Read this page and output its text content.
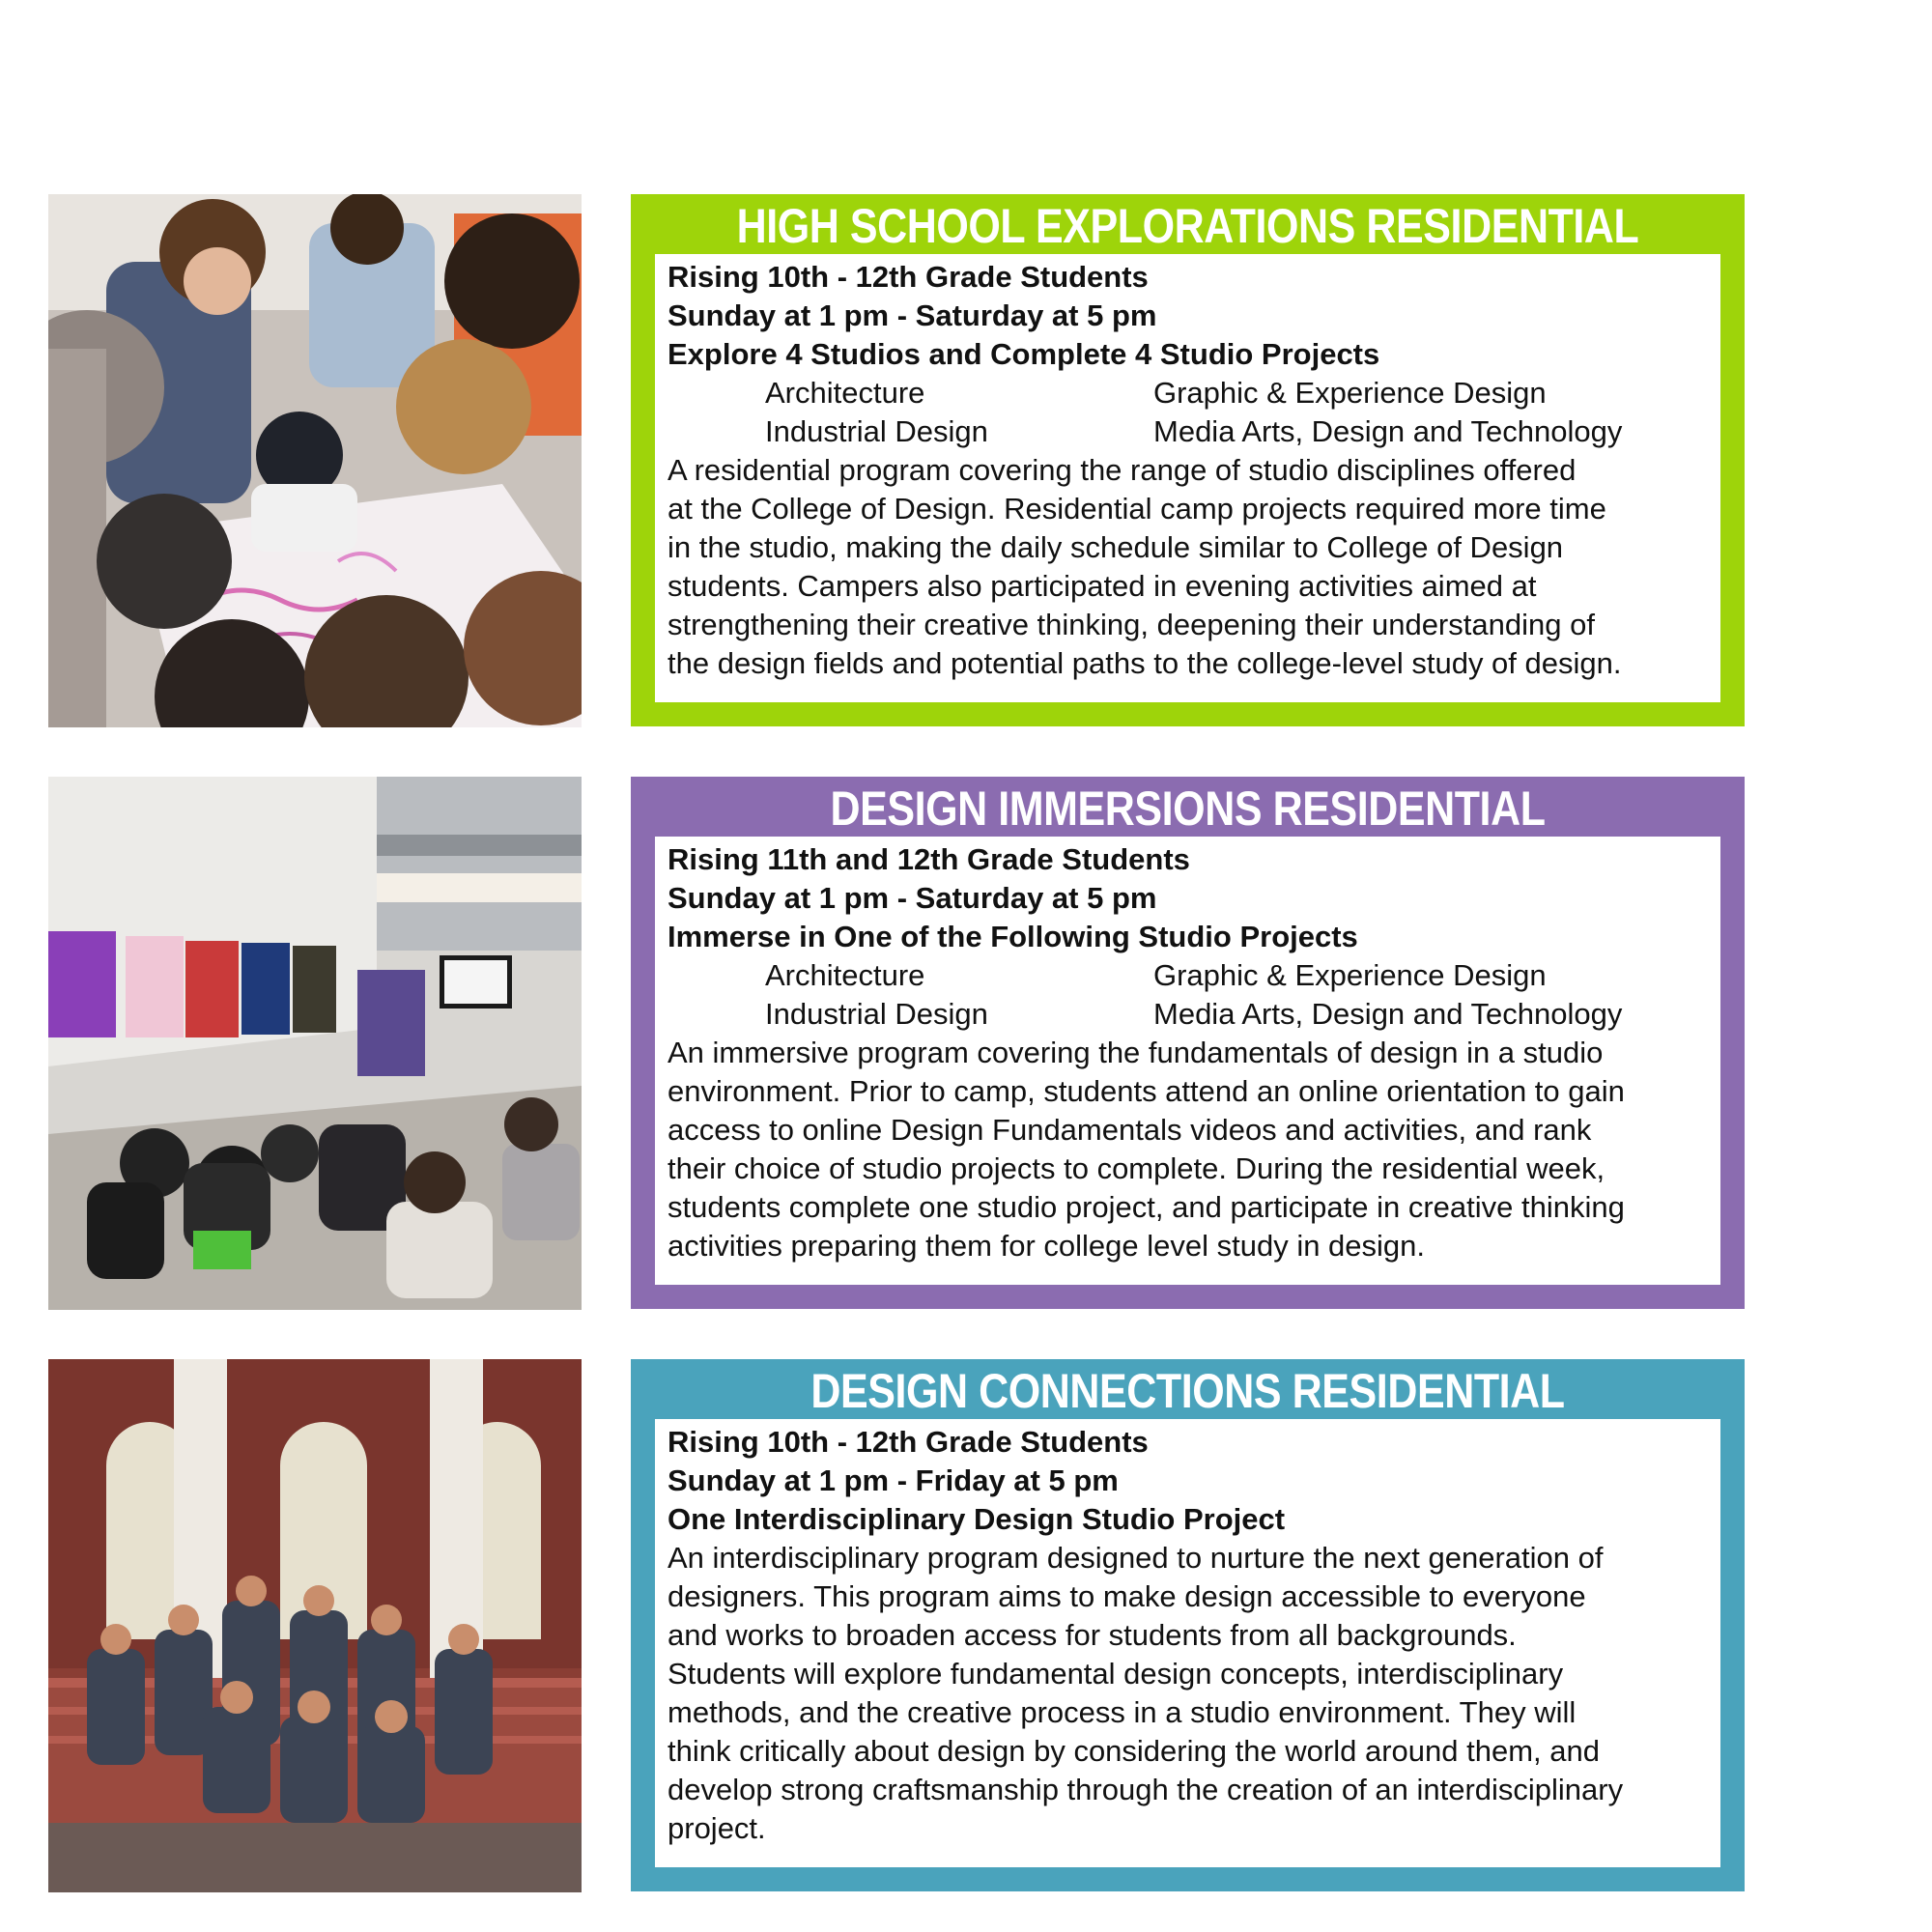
HIGH SCHOOL EXPLORATIONS RESIDENTIAL
Rising 10th - 12th Grade Students
Sunday at 1 pm - Saturday at 5 pm
Explore 4 Studios and Complete 4 Studio Projects
Architecture	Graphic & Experience Design
Industrial Design	Media Arts, Design and Technology
A residential program covering the range of studio disciplines offered
at the College of Design. Residential camp projects required more time
in the studio, making the daily schedule similar to College of Design
students. Campers also participated in evening activities aimed at
strengthening their creative thinking, deepening their understanding of
the design fields and potential paths to the college-level study of design.
DESIGN IMMERSIONS RESIDENTIAL
Rising 11th and 12th Grade Students
Sunday at 1 pm - Saturday at 5 pm
Immerse in One of the Following Studio Projects
Architecture	Graphic & Experience Design
Industrial Design	Media Arts, Design and Technology
An immersive program covering the fundamentals of design in a studio
environment. Prior to camp, students attend an online orientation to gain
access to online Design Fundamentals videos and activities, and rank
their choice of studio projects to complete. During the residential week,
students complete one studio project, and participate in creative thinking
activities preparing them for college level study in design.
DESIGN CONNECTIONS RESIDENTIAL
Rising 10th - 12th Grade Students
Sunday at 1 pm - Friday at 5 pm
One Interdisciplinary Design Studio Project
An interdisciplinary program designed to nurture the next generation of
designers. This program aims to make design accessible to everyone
and works to broaden access for students from all backgrounds.
Students will explore fundamental design concepts, interdisciplinary
methods, and the creative process in a studio environment. They will
think critically about design by considering the world around them, and
develop strong craftsmanship through the creation of an interdisciplinary
project.
